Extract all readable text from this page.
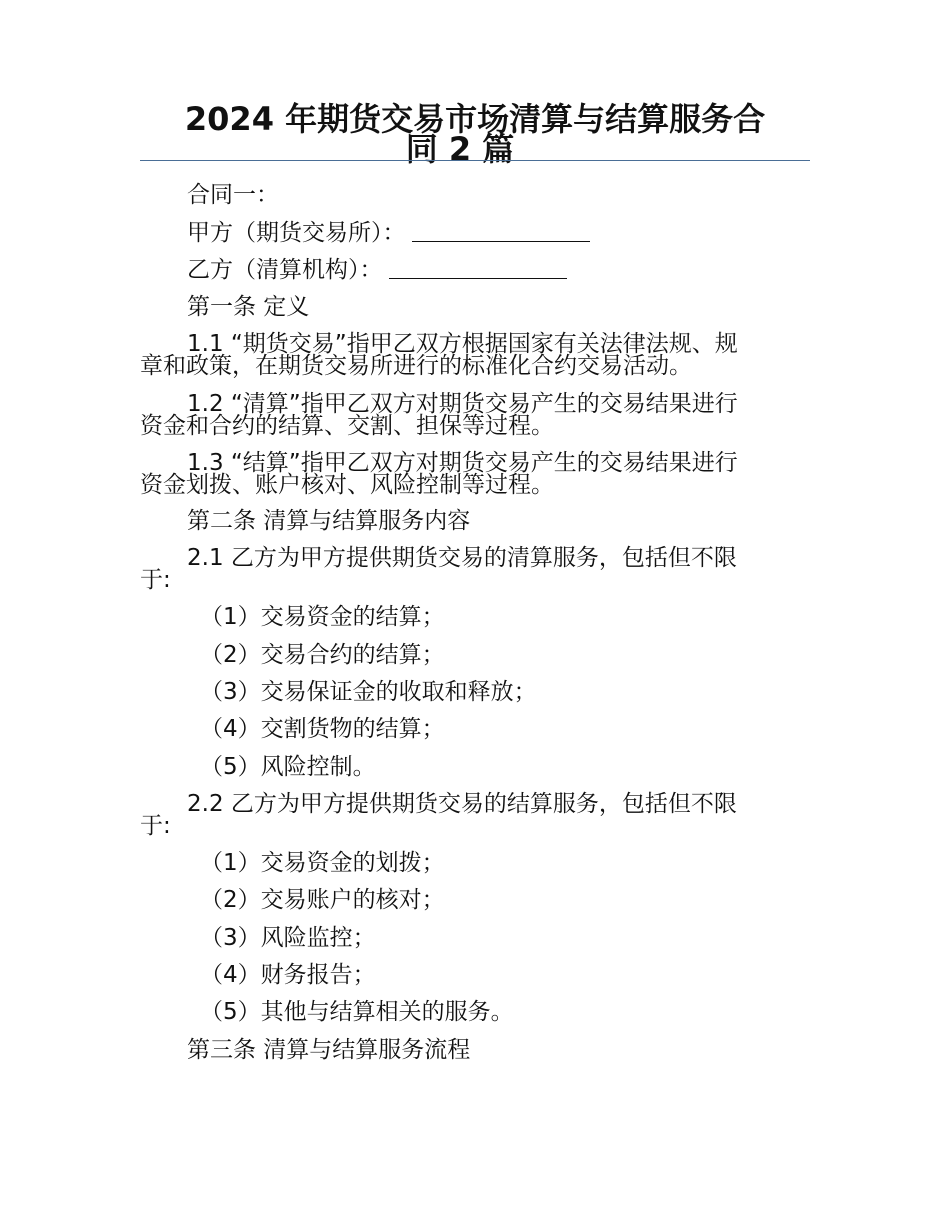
2024 年期货交易市场清算与结算服务合
同 2 篇
合同一：
甲方（期货交易所）：
乙方（清算机构）：
第一条 定义
1.1 “期货交易”指甲乙双方根据国家有关法律法规、规
章和政策，在期货交易所进行的标准化合约交易活动。
1.2 “清算”指甲乙双方对期货交易产生的交易结果进行
资金和合约的结算、交割、担保等过程。
1.3 “结算”指甲乙双方对期货交易产生的交易结果进行
资金划拨、账户核对、风险控制等过程。
第二条 清算与结算服务内容
2.1 乙方为甲方提供期货交易的清算服务，包括但不限
于:
（1）交易资金的结算；
（2）交易合约的结算；
（3）交易保证金的收取和释放；
（4）交割货物的结算；
（5）风险控制。
2.2 乙方为甲方提供期货交易的结算服务，包括但不限
于:
（1）交易资金的划拨；
（2）交易账户的核对；
（3）风险监控；
（4）财务报告；
（5）其他与结算相关的服务。
第三条 清算与结算服务流程
